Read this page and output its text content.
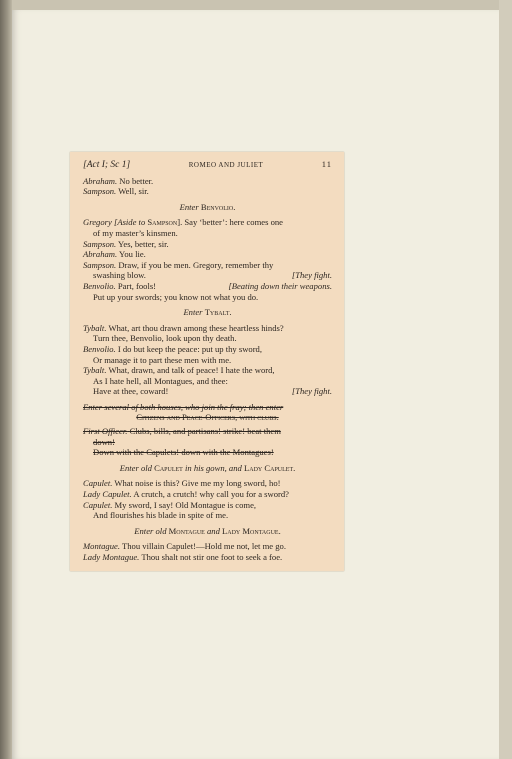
[Act I; Sc 1]	ROMEO AND JULIET	11
Abraham. No better.
Sampson. Well, sir.
Enter Benvolio.
Gregory [Aside to Sampson]. Say ‘better’: here comes one
of my master’s kinsmen.
Sampson. Yes, better, sir.
Abraham. You lie.
Sampson. Draw, if you be men. Gregory, remember thy
swashing blow.	[They fight.
Benvolio. Part, fools!	[Beating down their weapons.
Put up your swords; you know not what you do.
Enter Tybalt.
Tybalt. What, art thou drawn among these heartless hinds?
Turn thee, Benvolio, look upon thy death.
Benvolio. I do but keep the peace: put up thy sword,
Or manage it to part these men with me.
Tybalt. What, drawn, and talk of peace! I hate the word,
As I hate hell, all Montagues, and thee:
Have at thee, coward!	[They fight.
Enter several of both houses, who join the fray; then enter
Citizens and Peace-Officers, with clubs.
First Officer. Clubs, bills, and partisans! strike! beat them
down!
Down with the Capulets! down with the Montagues!
Enter old Capulet in his gown, and Lady Capulet.
Capulet. What noise is this? Give me my long sword, ho!
Lady Capulet. A crutch, a crutch! why call you for a sword?
Capulet. My sword, I say! Old Montague is come,
And flourishes his blade in spite of me.
Enter old Montague and Lady Montague.
Montague. Thou villain Capulet!—Hold me not, let me go.
Lady Montague. Thou shalt not stir one foot to seek a foe.
